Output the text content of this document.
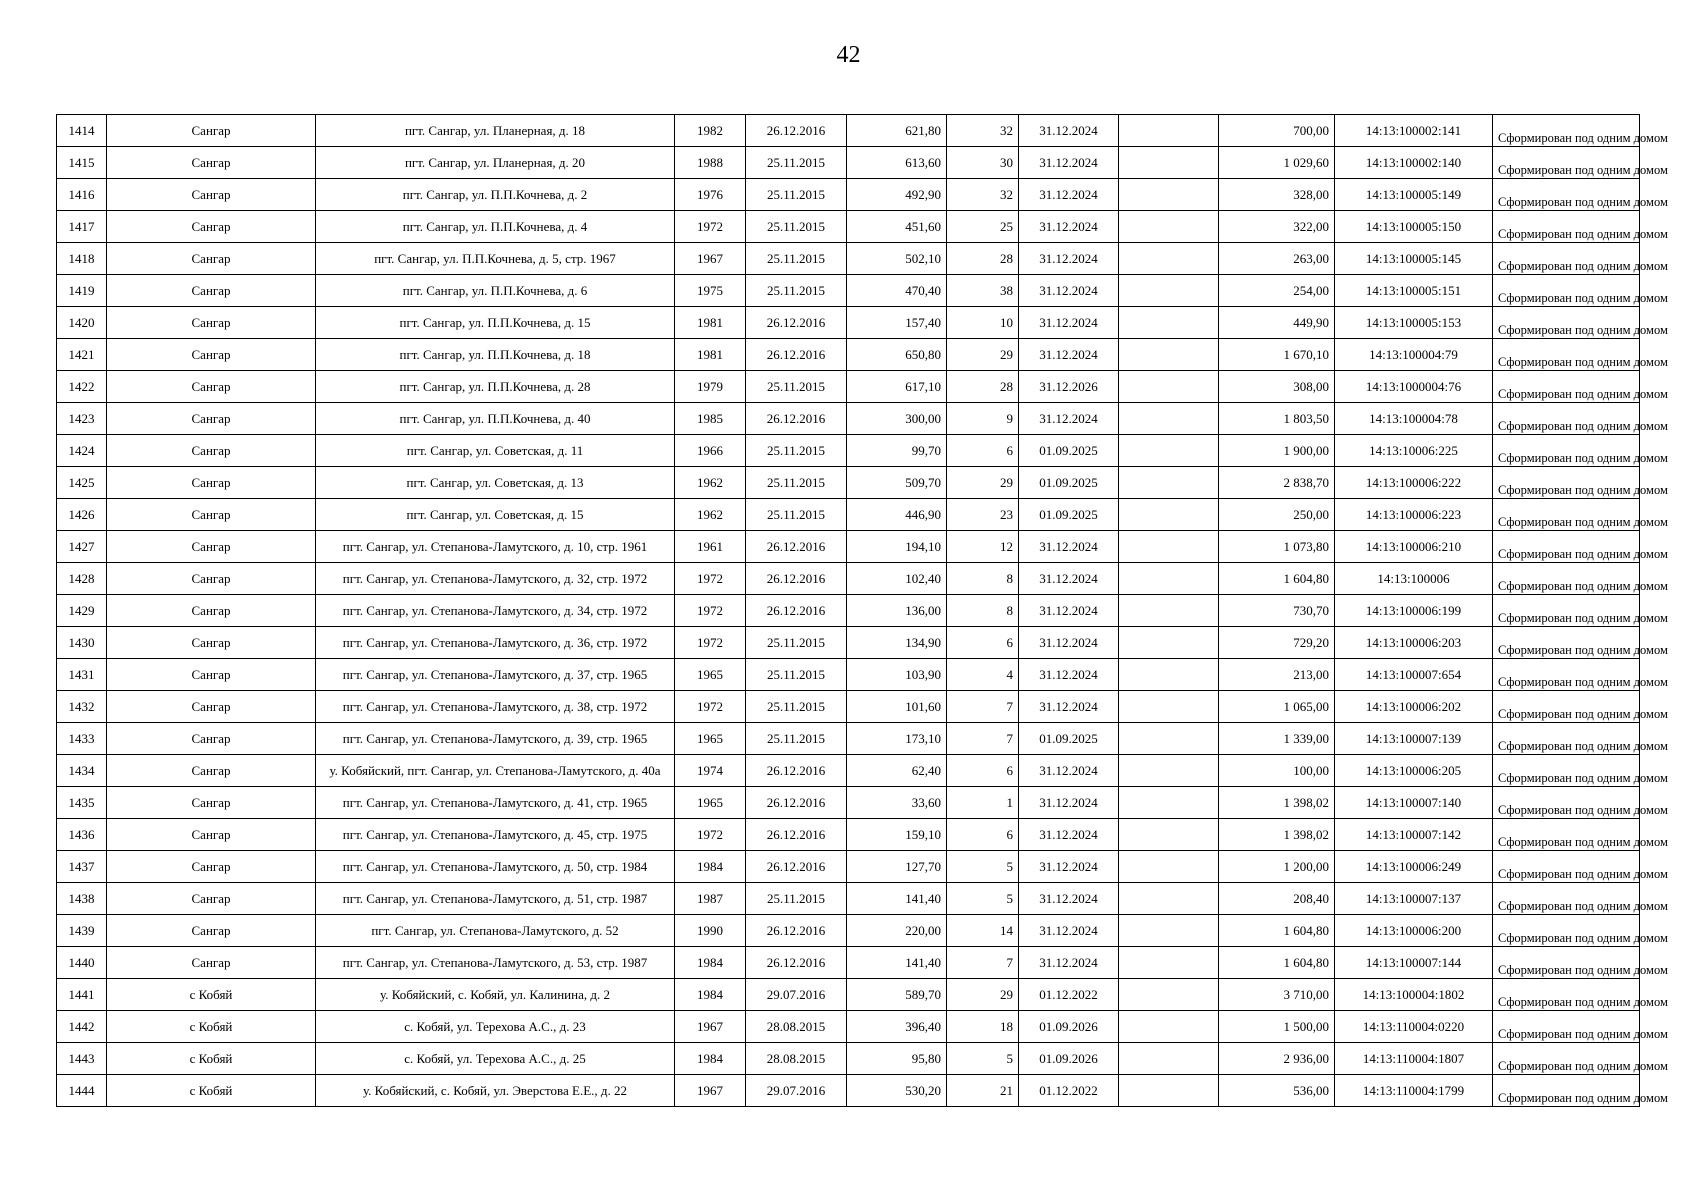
42
1414	Сангар	пгт. Сангар, ул. Планерная, д. 18	1982	26.12.2016	621,80	32	31.12.2024		700,00	14:13:100002:141	Сформирован под одним домом
1415	Сангар	пгт. Сангар, ул. Планерная, д. 20	1988	25.11.2015	613,60	30	31.12.2024		1 029,60	14:13:100002:140	Сформирован под одним домом
1416	Сангар	пгт. Сангар, ул. П.П.Кочнева, д. 2	1976	25.11.2015	492,90	32	31.12.2024		328,00	14:13:100005:149	Сформирован под одним домом
1417	Сангар	пгт. Сангар, ул. П.П.Кочнева, д. 4	1972	25.11.2015	451,60	25	31.12.2024		322,00	14:13:100005:150	Сформирован под одним домом
1418	Сангар	пгт. Сангар, ул. П.П.Кочнева, д. 5, стр. 1967	1967	25.11.2015	502,10	28	31.12.2024		263,00	14:13:100005:145	Сформирован под одним домом
1419	Сангар	пгт. Сангар, ул. П.П.Кочнева, д. 6	1975	25.11.2015	470,40	38	31.12.2024		254,00	14:13:100005:151	Сформирован под одним домом
1420	Сангар	пгт. Сангар, ул. П.П.Кочнева, д. 15	1981	26.12.2016	157,40	10	31.12.2024		449,90	14:13:100005:153	Сформирован под одним домом
1421	Сангар	пгт. Сангар, ул. П.П.Кочнева, д. 18	1981	26.12.2016	650,80	29	31.12.2024		1 670,10	14:13:100004:79	Сформирован под одним домом
1422	Сангар	пгт. Сангар, ул. П.П.Кочнева, д. 28	1979	25.11.2015	617,10	28	31.12.2026		308,00	14:13:1000004:76	Сформирован под одним домом
1423	Сангар	пгт. Сангар, ул. П.П.Кочнева, д. 40	1985	26.12.2016	300,00	9	31.12.2024		1 803,50	14:13:100004:78	Сформирован под одним домом
1424	Сангар	пгт. Сангар, ул. Советская, д. 11	1966	25.11.2015	99,70	6	01.09.2025		1 900,00	14:13:10006:225	Сформирован под одним домом
1425	Сангар	пгт. Сангар, ул. Советская, д. 13	1962	25.11.2015	509,70	29	01.09.2025		2 838,70	14:13:100006:222	Сформирован под одним домом
1426	Сангар	пгт. Сангар, ул. Советская, д. 15	1962	25.11.2015	446,90	23	01.09.2025		250,00	14:13:100006:223	Сформирован под одним домом
1427	Сангар	пгт. Сангар, ул. Степанова-Ламутского, д. 10, стр. 1961	1961	26.12.2016	194,10	12	31.12.2024		1 073,80	14:13:100006:210	Сформирован под одним домом
1428	Сангар	пгт. Сангар, ул. Степанова-Ламутского, д. 32, стр. 1972	1972	26.12.2016	102,40	8	31.12.2024		1 604,80	14:13:100006	Сформирован под одним домом
1429	Сангар	пгт. Сангар, ул. Степанова-Ламутского, д. 34, стр. 1972	1972	26.12.2016	136,00	8	31.12.2024		730,70	14:13:100006:199	Сформирован под одним домом
1430	Сангар	пгт. Сангар, ул. Степанова-Ламутского, д. 36, стр. 1972	1972	25.11.2015	134,90	6	31.12.2024		729,20	14:13:100006:203	Сформирован под одним домом
1431	Сангар	пгт. Сангар, ул. Степанова-Ламутского, д. 37, стр. 1965	1965	25.11.2015	103,90	4	31.12.2024		213,00	14:13:100007:654	Сформирован под одним домом
1432	Сангар	пгт. Сангар, ул. Степанова-Ламутского, д. 38, стр. 1972	1972	25.11.2015	101,60	7	31.12.2024		1 065,00	14:13:100006:202	Сформирован под одним домом
1433	Сангар	пгт. Сангар, ул. Степанова-Ламутского, д. 39, стр. 1965	1965	25.11.2015	173,10	7	01.09.2025		1 339,00	14:13:100007:139	Сформирован под одним домом
1434	Сангар	у. Кобяйский, пгт. Сангар, ул. Степанова-Ламутского, д. 40а	1974	26.12.2016	62,40	6	31.12.2024		100,00	14:13:100006:205	Сформирован под одним домом
1435	Сангар	пгт. Сангар, ул. Степанова-Ламутского, д. 41, стр. 1965	1965	26.12.2016	33,60	1	31.12.2024		1 398,02	14:13:100007:140	Сформирован под одним домом
1436	Сангар	пгт. Сангар, ул. Степанова-Ламутского, д. 45, стр. 1975	1972	26.12.2016	159,10	6	31.12.2024		1 398,02	14:13:100007:142	Сформирован под одним домом
1437	Сангар	пгт. Сангар, ул. Степанова-Ламутского, д. 50, стр. 1984	1984	26.12.2016	127,70	5	31.12.2024		1 200,00	14:13:100006:249	Сформирован под одним домом
1438	Сангар	пгт. Сангар, ул. Степанова-Ламутского, д. 51, стр. 1987	1987	25.11.2015	141,40	5	31.12.2024		208,40	14:13:100007:137	Сформирован под одним домом
1439	Сангар	пгт. Сангар, ул. Степанова-Ламутского, д. 52	1990	26.12.2016	220,00	14	31.12.2024		1 604,80	14:13:100006:200	Сформирован под одним домом
1440	Сангар	пгт. Сангар, ул. Степанова-Ламутского, д. 53, стр. 1987	1984	26.12.2016	141,40	7	31.12.2024		1 604,80	14:13:100007:144	Сформирован под одним домом
1441	с Кобяй	у. Кобяйский, с. Кобяй, ул. Калинина, д. 2	1984	29.07.2016	589,70	29	01.12.2022		3 710,00	14:13:100004:1802	Сформирован под одним домом
1442	с Кобяй	с. Кобяй, ул. Терехова А.С., д. 23	1967	28.08.2015	396,40	18	01.09.2026		1 500,00	14:13:110004:0220	Сформирован под одним домом
1443	с Кобяй	с. Кобяй, ул. Терехова А.С., д. 25	1984	28.08.2015	95,80	5	01.09.2026		2 936,00	14:13:110004:1807	Сформирован под одним домом
1444	с Кобяй	у. Кобяйский, с. Кобяй, ул. Эверстова Е.Е., д. 22	1967	29.07.2016	530,20	21	01.12.2022		536,00	14:13:110004:1799	Сформирован под одним домом
